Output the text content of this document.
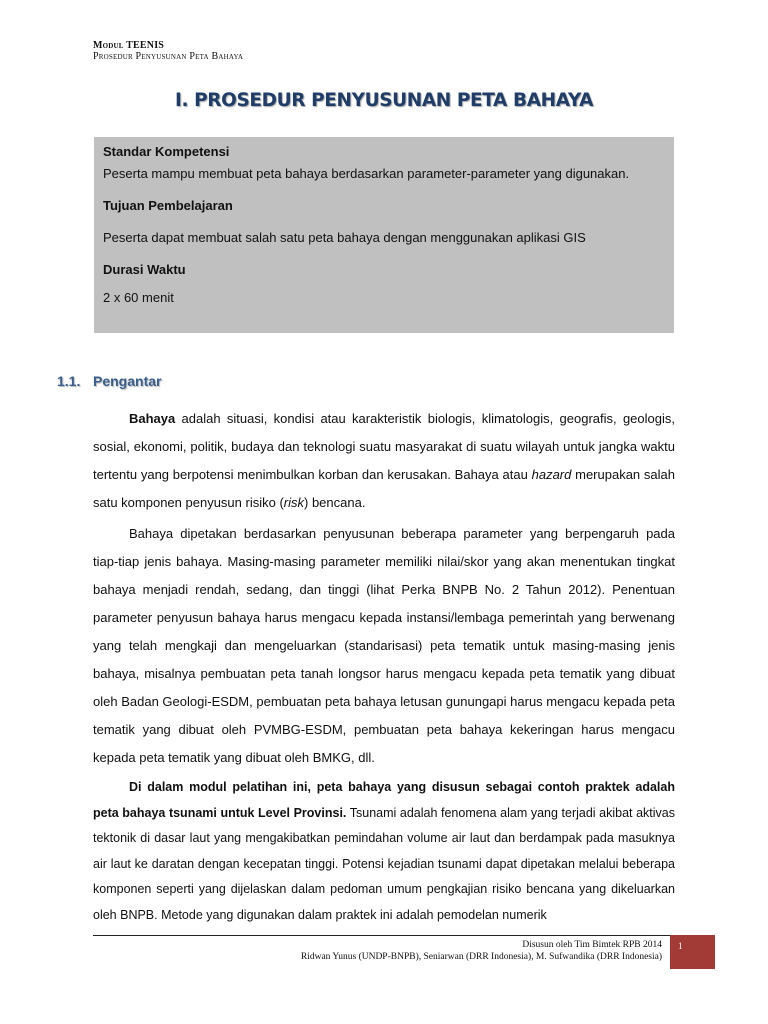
Modul TEENIS
Prosedur Penyusunan Peta Bahaya
I. PROSEDUR PENYUSUNAN PETA BAHAYA

Standar Kompetensi

Peserta mampu membuat peta bahaya berdasarkan parameter-parameter yang digunakan.

Tujuan Pembelajaran

Peserta dapat membuat salah satu peta bahaya dengan menggunakan aplikasi GIS

Durasi Waktu

2 x 60 menit

1.1. Pengantar

Bahaya adalah situasi, kondisi atau karakteristik biologis, klimatologis, geografis, geologis, sosial, ekonomi, politik, budaya dan teknologi suatu masyarakat di suatu wilayah untuk jangka waktu tertentu yang berpotensi menimbulkan korban dan kerusakan. Bahaya atau hazard merupakan salah satu komponen penyusun risiko (risk) bencana.

Bahaya dipetakan berdasarkan penyusunan beberapa parameter yang berpengaruh pada tiap-tiap jenis bahaya. Masing-masing parameter memiliki nilai/skor yang akan menentukan tingkat bahaya menjadi rendah, sedang, dan tinggi (lihat Perka BNPB No. 2 Tahun 2012). Penentuan parameter penyusun bahaya harus mengacu kepada instansi/lembaga pemerintah yang berwenang yang telah mengkaji dan mengeluarkan (standarisasi) peta tematik untuk masing-masing jenis bahaya, misalnya pembuatan peta tanah longsor harus mengacu kepada peta tematik yang dibuat oleh Badan Geologi-ESDM, pembuatan peta bahaya letusan gunungapi harus mengacu kepada peta tematik yang dibuat oleh PVMBG-ESDM, pembuatan peta bahaya kekeringan harus mengacu kepada peta tematik yang dibuat oleh BMKG, dll.

Di dalam modul pelatihan ini, peta bahaya yang disusun sebagai contoh praktek adalah peta bahaya tsunami untuk Level Provinsi. Tsunami adalah fenomena alam yang terjadi akibat aktivas tektonik di dasar laut yang mengakibatkan pemindahan volume air laut dan berdampak pada masuknya air laut ke daratan dengan kecepatan tinggi. Potensi kejadian tsunami dapat dipetakan melalui beberapa komponen seperti yang dijelaskan dalam pedoman umum pengkajian risiko bencana yang dikeluarkan oleh BNPB. Metode yang digunakan dalam praktek ini adalah pemodelan numerik

Disusun oleh Tim Bimtek RPB 2014
Ridwan Yunus (UNDP-BNPB), Seniarwan (DRR Indonesia), M. Sufwandika (DRR Indonesia)
1
